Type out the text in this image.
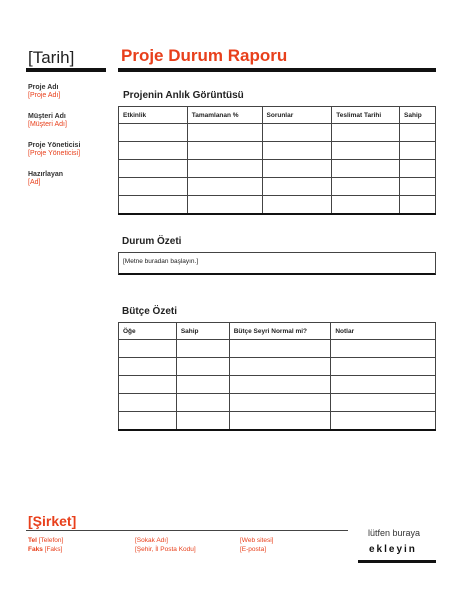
[Tarih]	Proje Durum Raporu
Proje Adı
[Proje Adı]
Müşteri Adı
[Müşteri Adı]
Proje Yöneticisi
[Proje Yöneticisi]
Hazırlayan
[Ad]
Projenin Anlık Görüntüsü
Etkinlik	Tamamlanan %	Sorunlar	Teslimat Tarihi	Sahip

Durum Özeti
[Metne buradan başlayın.]
Bütçe Özeti
Öğe	Sahip	Bütçe Seyri Normal mi?	Notlar

[Şirket]
Tel [Telefon]
Faks [Faks]
[Sokak Adı]
[Şehir, İl Posta Kodu]
[Web sitesi]
[E-posta]
lütfen buraya
ekleyin
